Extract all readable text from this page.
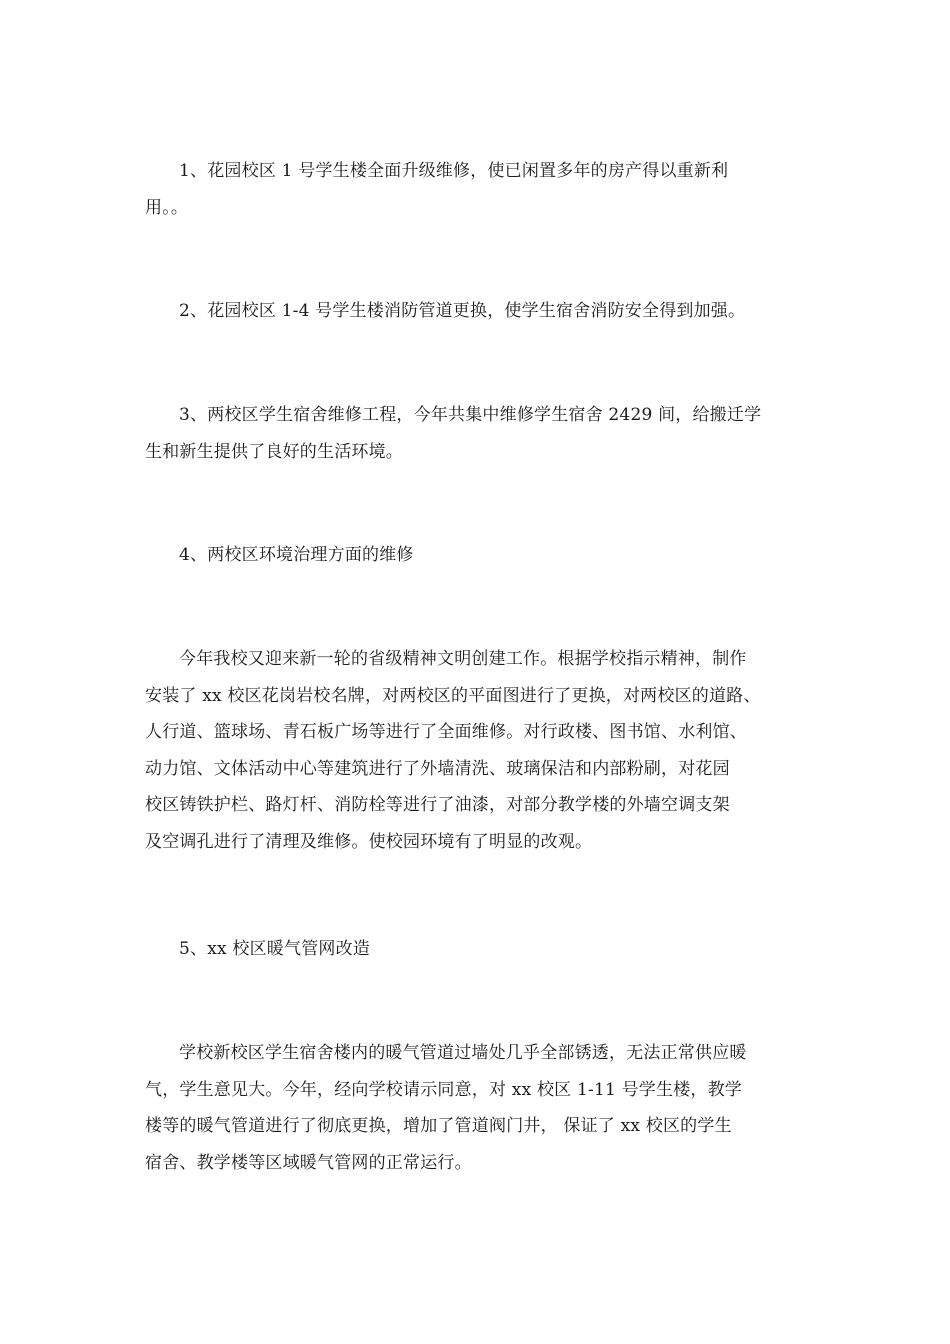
1、花园校区 1 号学生楼全面升级维修，使已闲置多年的房产得以重新利
用。。
2、花园校区 1-4 号学生楼消防管道更换，使学生宿舍消防安全得到加强。
3、两校区学生宿舍维修工程，今年共集中维修学生宿舍 2429 间，给搬迁学
生和新生提供了良好的生活环境。
4、两校区环境治理方面的维修
今年我校又迎来新一轮的省级精神文明创建工作。根据学校指示精神，制作
安装了 xx 校区花岗岩校名牌，对两校区的平面图进行了更换，对两校区的道路、
人行道、篮球场、青石板广场等进行了全面维修。对行政楼、图书馆、水利馆、
动力馆、文体活动中心等建筑进行了外墙清洗、玻璃保洁和内部粉刷，对花园
校区铸铁护栏、路灯杆、消防栓等进行了油漆，对部分教学楼的外墙空调支架
及空调孔进行了清理及维修。使校园环境有了明显的改观。
5、xx 校区暖气管网改造
学校新校区学生宿舍楼内的暖气管道过墙处几乎全部锈透，无法正常供应暖
气，学生意见大。今年，经向学校请示同意，对 xx 校区 1-11 号学生楼，教学
楼等的暖气管道进行了彻底更换，增加了管道阀门井， 保证了 xx 校区的学生
宿舍、教学楼等区域暖气管网的正常运行。
